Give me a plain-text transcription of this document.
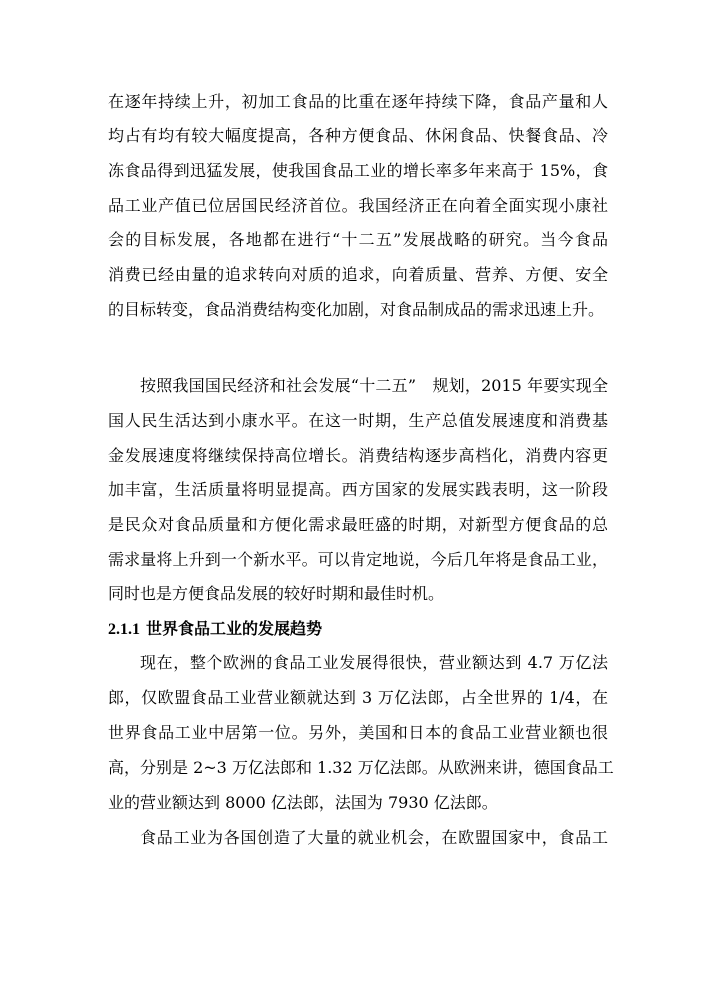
在逐年持续上升，初加工食品的比重在逐年持续下降，食品产量和人
均占有均有较大幅度提高，各种方便食品、休闲食品、快餐食品、冷
冻食品得到迅猛发展，使我国食品工业的增长率多年来高于 15%，食
品工业产值已位居国民经济首位。我国经济正在向着全面实现小康社
会的目标发展，各地都在进行“十二五”发展战略的研究。当今食品
消费已经由量的追求转向对质的追求，向着质量、营养、方便、安全
的目标转变，食品消费结构变化加剧，对食品制成品的需求迅速上升。
按照我国国民经济和社会发展“十二五”　规划，2015 年要实现全
国人民生活达到小康水平。在这一时期，生产总值发展速度和消费基
金发展速度将继续保持高位增长。消费结构逐步高档化，消费内容更
加丰富，生活质量将明显提高。西方国家的发展实践表明，这一阶段
是民众对食品质量和方便化需求最旺盛的时期，对新型方便食品的总
需求量将上升到一个新水平。可以肯定地说，今后几年将是食品工业，
同时也是方便食品发展的较好时期和最佳时机。
2.1.1 世界食品工业的发展趋势
现在，整个欧洲的食品工业发展得很快，营业额达到 4.7 万亿法
郎，仅欧盟食品工业营业额就达到 3 万亿法郎，占全世界的 1/4，在
世界食品工业中居第一位。另外，美国和日本的食品工业营业额也很
高，分别是 2~3 万亿法郎和 1.32 万亿法郎。从欧洲来讲，德国食品工
业的营业额达到 8000 亿法郎，法国为 7930 亿法郎。
食品工业为各国创造了大量的就业机会，在欧盟国家中，食品工
